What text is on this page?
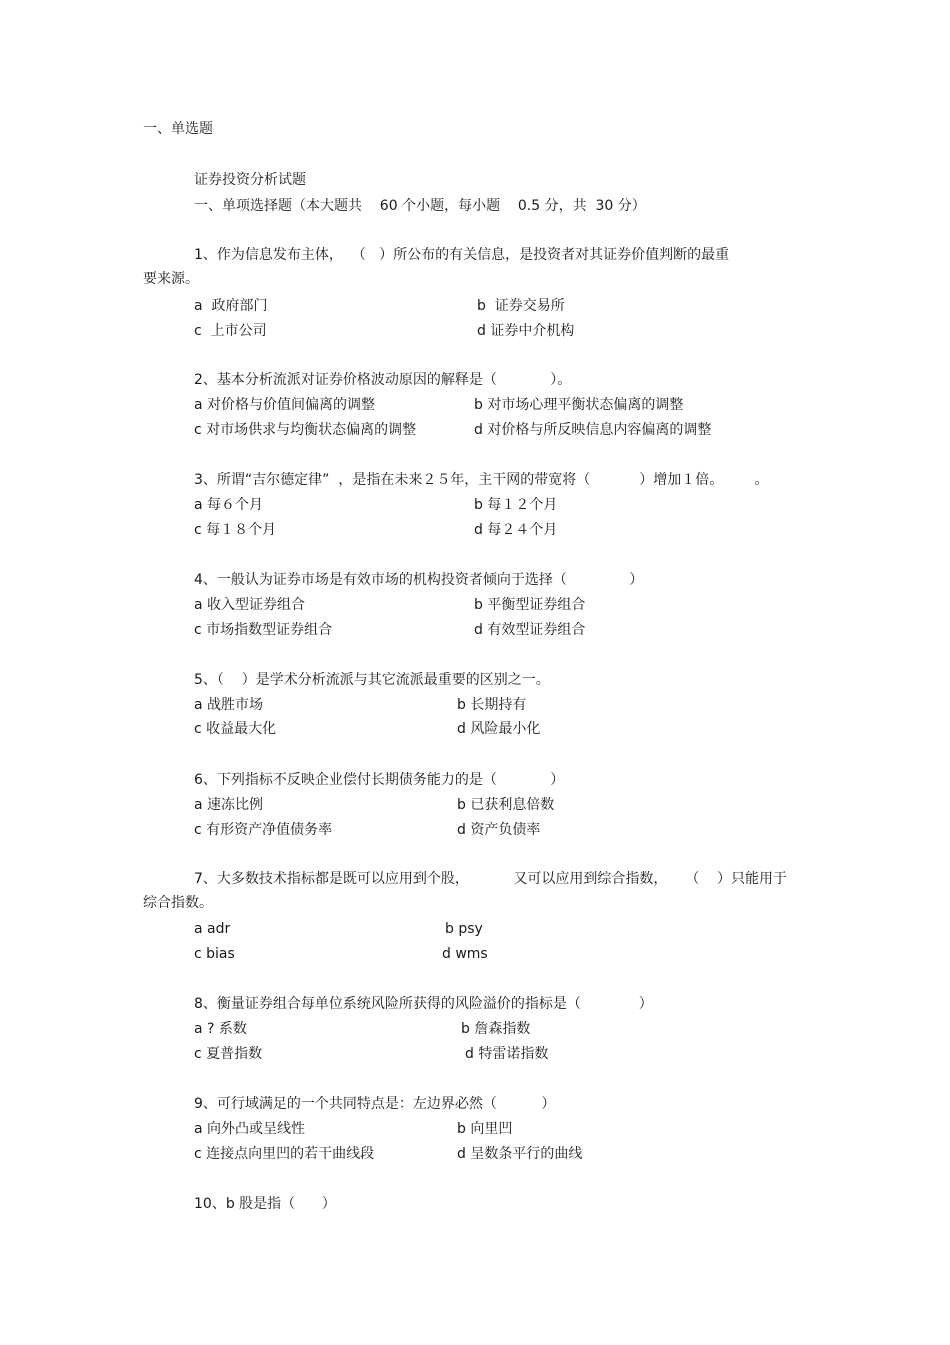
一、单选题
证券投资分析试题
一、单项选择题（本大题共    60 个小题，每小题    0.5 分，共  30 分）
1、作为信息发布主体，  （   ）所公布的有关信息，是投资者对其证券价值判断的最重
要来源。
a  政府部门	b  证券交易所
c  上市公司	d 证券中介机构
2、基本分析流派对证券价格波动原因的解释是（            ）。
a 对价格与价值间偏离的调整	b 对市场心理平衡状态偏离的调整
c 对市场供求与均衡状态偏离的调整	d 对价格与所反映信息内容偏离的调整
3、所谓“吉尔德定律”  ，是指在未来２５年，主干网的带宽将（           ）增加１倍。       。
a 每６个月	b 每１２个月
c 每１８个月	d 每２４个月
4、一般认为证券市场是有效市场的机构投资者倾向于选择（              ）
a 收入型证券组合	b 平衡型证券组合
c 市场指数型证券组合	d 有效型证券组合
5、（    ）是学术分析流派与其它流派最重要的区别之一。
a 战胜市场	b 长期持有
c 收益最大化	d 风险最小化
6、下列指标不反映企业偿付长期债务能力的是（            ）
a 速冻比例	b 已获利息倍数
c 有形资产净值债务率	d 资产负债率
7、大多数技术指标都是既可以应用到个股，          又可以应用到综合指数，    （    ）只能用于
综合指数。
a adr	b psy
c bias	d wms
8、衡量证券组合每单位系统风险所获得的风险溢价的指标是（             ）
a ? 系数	b 詹森指数
c 夏普指数	d 特雷诺指数
9、可行域满足的一个共同特点是：左边界必然（          ）
a 向外凸或呈线性	b 向里凹
c 连接点向里凹的若干曲线段	d 呈数条平行的曲线
10、b 股是指（      ）
